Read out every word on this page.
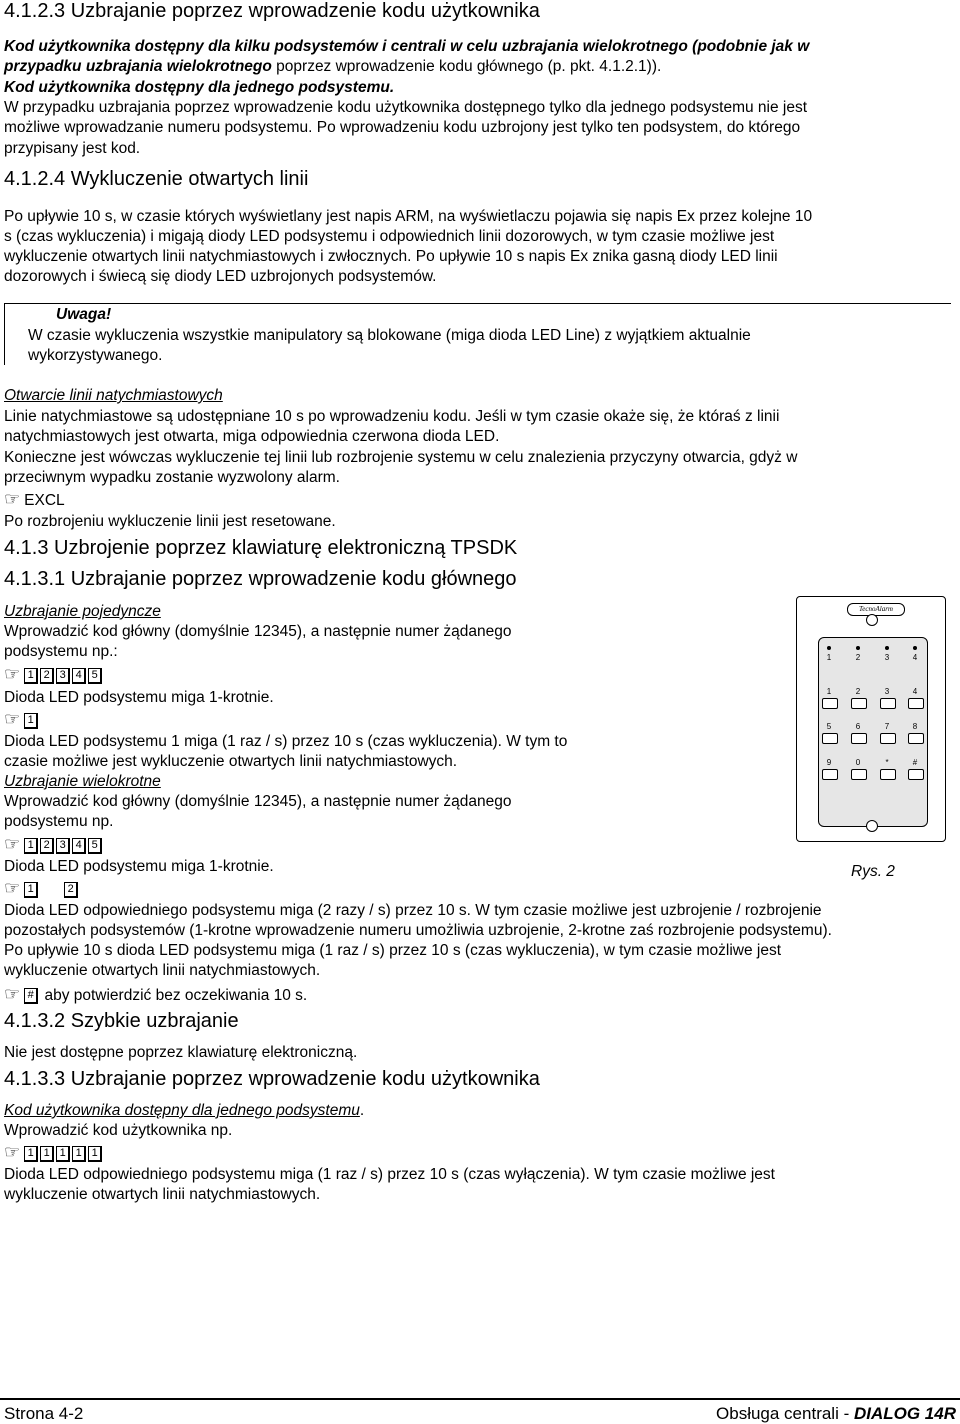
4.1.2.3 Uzbrajanie poprzez wprowadzenie kodu użytkownika

Kod użytkownika dostępny dla kilku podsystemów i centrali w celu uzbrajania wielokrotnego (podobnie jak w

przypadku uzbrajania wielokrotnego poprzez wprowadzenie kodu głównego (p. pkt. 4.1.2.1)).

Kod użytkownika dostępny dla jednego podsystemu.

W przypadku uzbrajania poprzez wprowadzenie kodu użytkownika dostępnego tylko dla jednego podsystemu nie jest

możliwe wprowadzanie numeru podsystemu. Po wprowadzeniu kodu uzbrojony jest tylko ten podsystem, do którego

przypisany jest kod.

4.1.2.4 Wykluczenie otwartych linii

Po upływie 10 s, w czasie których wyświetlany jest napis ARM, na wyświetlaczu pojawia się napis Ex przez kolejne 10

s (czas wykluczenia) i migają diody LED podsystemu i odpowiednich linii dozorowych, w tym czasie możliwe jest

wykluczenie otwartych linii natychmiastowych i zwłocznych. Po upływie 10 s napis Ex znika gasną diody LED linii

dozorowych i świecą się diody LED uzbrojonych podsystemów.

Uwaga!

W czasie wykluczenia wszystkie manipulatory są blokowane (miga dioda LED Line) z wyjątkiem aktualnie

wykorzystywanego.

Otwarcie linii natychmiastowych

Linie natychmiastowe są udostępniane 10 s po wprowadzeniu kodu. Jeśli w tym czasie okaże się, że któraś z linii

natychmiastowych jest otwarta, miga odpowiednia czerwona dioda LED.

Konieczne jest wówczas wykluczenie tej linii lub rozbrojenie systemu w celu znalezienia przyczyny otwarcia, gdyż w

przeciwnym wypadku zostanie wyzwolony alarm.

☞ EXCL

Po rozbrojeniu wykluczenie linii jest resetowane.

4.1.3 Uzbrojenie poprzez klawiaturę elektroniczną TPSDK

4.1.3.1 Uzbrajanie poprzez wprowadzenie kodu głównego

Uzbrajanie pojedyncze

Wprowadzić kod główny (domyślnie 12345), a następnie numer żądanego

podsystemu np.:

☞ 1 2 3 4 5

Dioda LED podsystemu miga 1-krotnie.

☞ 1

Dioda LED podsystemu 1 miga (1 raz / s) przez 10 s (czas wykluczenia). W tym to

czasie możliwe jest wykluczenie otwartych linii natychmiastowych.

Uzbrajanie wielokrotne

Wprowadzić kod główny (domyślnie 12345), a następnie numer żądanego

podsystemu np.

☞ 1 2 3 4 5

Dioda LED podsystemu miga 1-krotnie.

☞ 1	2

Dioda LED odpowiedniego podsystemu miga (2 razy / s) przez 10 s. W tym czasie możliwe jest uzbrojenie / rozbrojenie

pozostałych podsystemów (1-krotne wprowadzenie numeru umożliwia uzbrojenie, 2-krotne zaś rozbrojenie podsystemu).

Po upływie 10 s dioda LED podsystemu miga (1 raz / s) przez 10 s (czas wykluczenia), w tym czasie możliwe jest

wykluczenie otwartych linii natychmiastowych.

☞ # aby potwierdzić bez oczekiwania 10 s.

4.1.3.2 Szybkie uzbrajanie

Nie jest dostępne poprzez klawiaturę elektroniczną.

4.1.3.3 Uzbrajanie poprzez wprowadzenie kodu użytkownika

Kod użytkownika dostępny dla jednego podsystemu.

Wprowadzić kod użytkownika np.

☞ 1 1 1 1 1

Dioda LED odpowiedniego podsystemu miga (1 raz / s) przez 10 s (czas wyłączenia). W tym czasie możliwe jest

wykluczenie otwartych linii natychmiastowych.

TecnoAlarm
1	2	3	4
1	2	3	4
5	6	7	8
9	0	*	#

Rys. 2

Strona 4-2	Obsługa centrali - DIALOG 14R
